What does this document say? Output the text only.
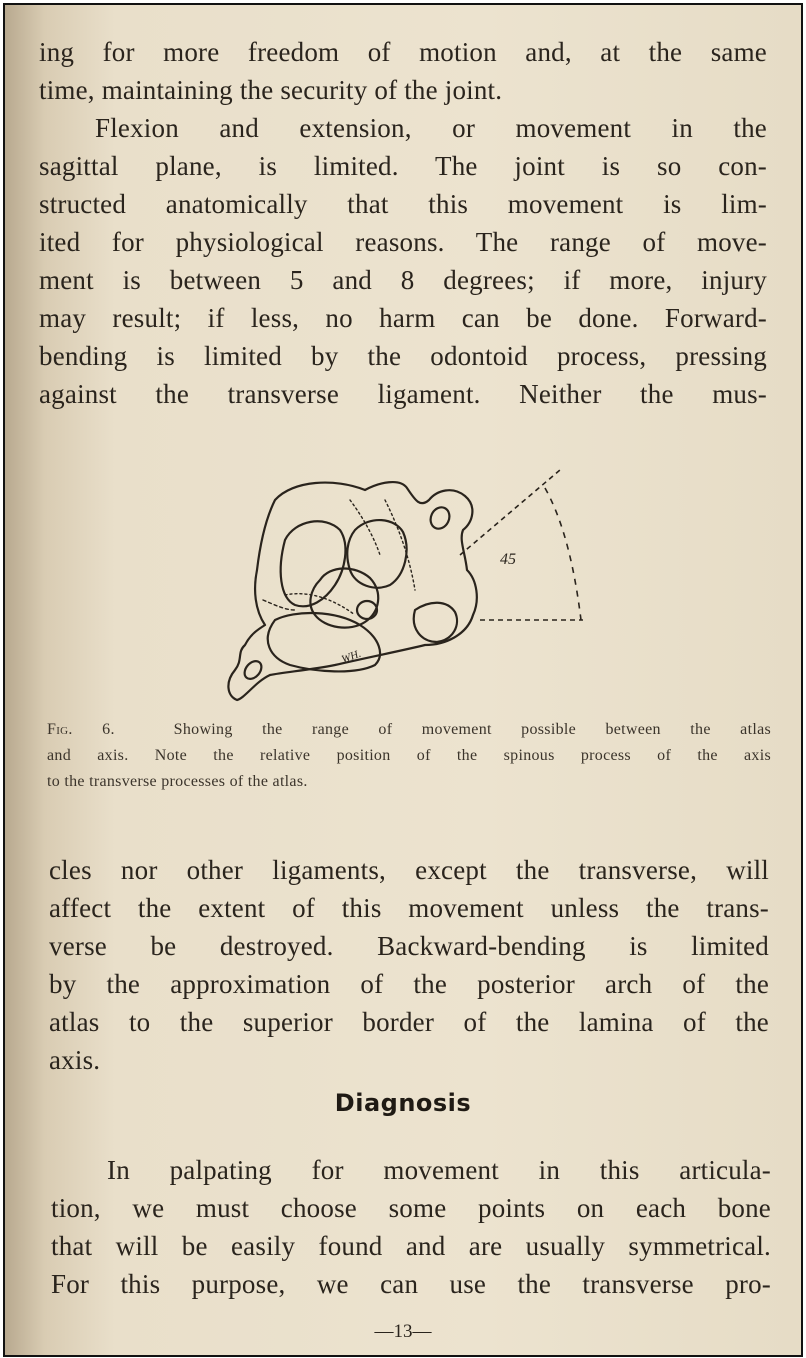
ing for more freedom of motion and, at the same
time, maintaining the security of the joint.
Flexion and extension, or movement in the
sagittal plane, is limited. The joint is so con-
structed anatomically that this movement is lim-
ited for physiological reasons. The range of move-
ment is between 5 and 8 degrees; if more, injury
may result; if less, no harm can be done. Forward-
bending is limited by the odontoid process, pressing
against the transverse ligament. Neither the mus-
45
WH.
Fig. 6.	Showing the range of movement possible between the atlas
and axis. Note the relative position of the spinous process of the axis
to the transverse processes of the atlas.
cles nor other ligaments, except the transverse, will
affect the extent of this movement unless the trans-
verse be destroyed. Backward-bending is limited
by the approximation of the posterior arch of the
atlas to the superior border of the lamina of the
axis.
Diagnosis
In palpating for movement in this articula-
tion, we must choose some points on each bone
that will be easily found and are usually symmetrical.
For this purpose, we can use the transverse pro-
—13—
